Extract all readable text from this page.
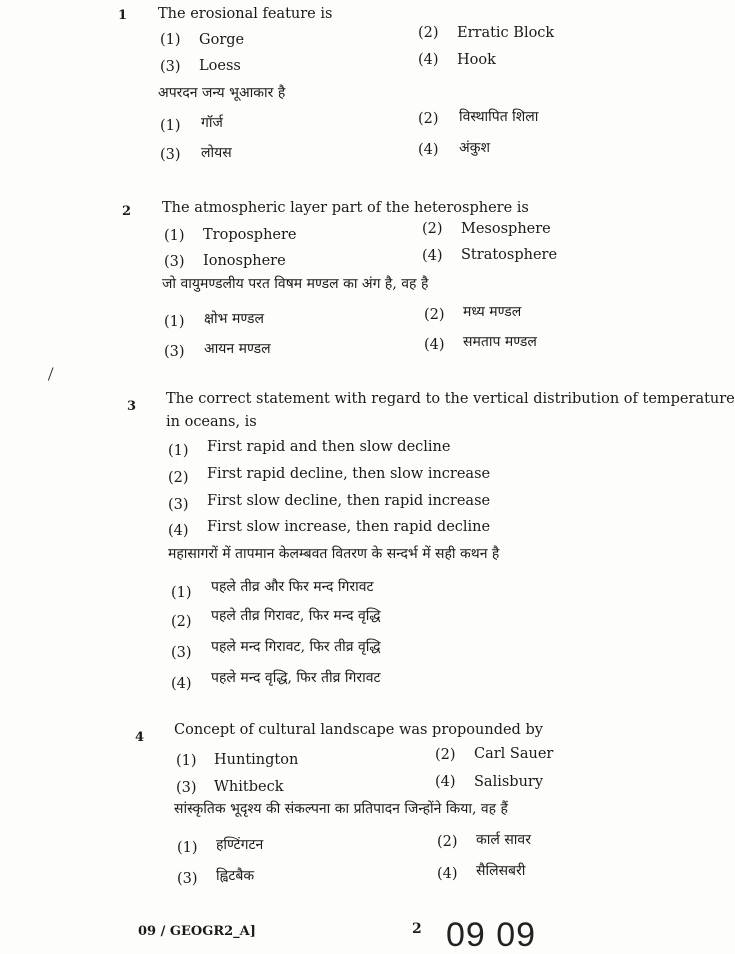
1 The erosional feature is
(1) Gorge	(2) Erratic Block
(3) Loess	(4) Hook
अपरदन जन्य भूआकार है
(1) गॉर्ज	(2) विस्थापित शिला
(3) लोयस	(4) अंकुश
2 The atmospheric layer part of the heterosphere is
(1) Troposphere	(2) Mesosphere
(3) Ionosphere	(4) Stratosphere
जो वायुमण्डलीय परत विषम मण्डल का अंग है, वह है
(1) क्षोभ मण्डल	(2) मध्य मण्डल
(3) आयन मण्डल	(4) समताप मण्डल
3 The correct statement with regard to the vertical distribution of temperature
in oceans, is
(1) First rapid and then slow decline
(2) First rapid decline, then slow increase
(3) First slow decline, then rapid increase
(4) First slow increase, then rapid decline
महासागरों में तापमान केलम्बवत वितरण के सन्दर्भ में सही कथन है
(1) पहले तीव्र और फिर मन्द गिरावट
(2) पहले तीव्र गिरावट, फिर मन्द वृद्धि
(3) पहले मन्द गिरावट, फिर तीव्र वृद्धि
(4) पहले मन्द वृद्धि, फिर तीव्र गिरावट
4 Concept of cultural landscape was propounded by
(1) Huntington	(2) Carl Sauer
(3) Whitbeck	(4) Salisbury
सांस्कृतिक भूदृश्य की संकल्पना का प्रतिपादन जिन्होंने किया, वह हैं
(1) हण्टिंगटन	(2) कार्ल सावर
(3) ह्विटबैक	(4) सैलिसबरी
09 / GEOGR2_A]	2 09 09
